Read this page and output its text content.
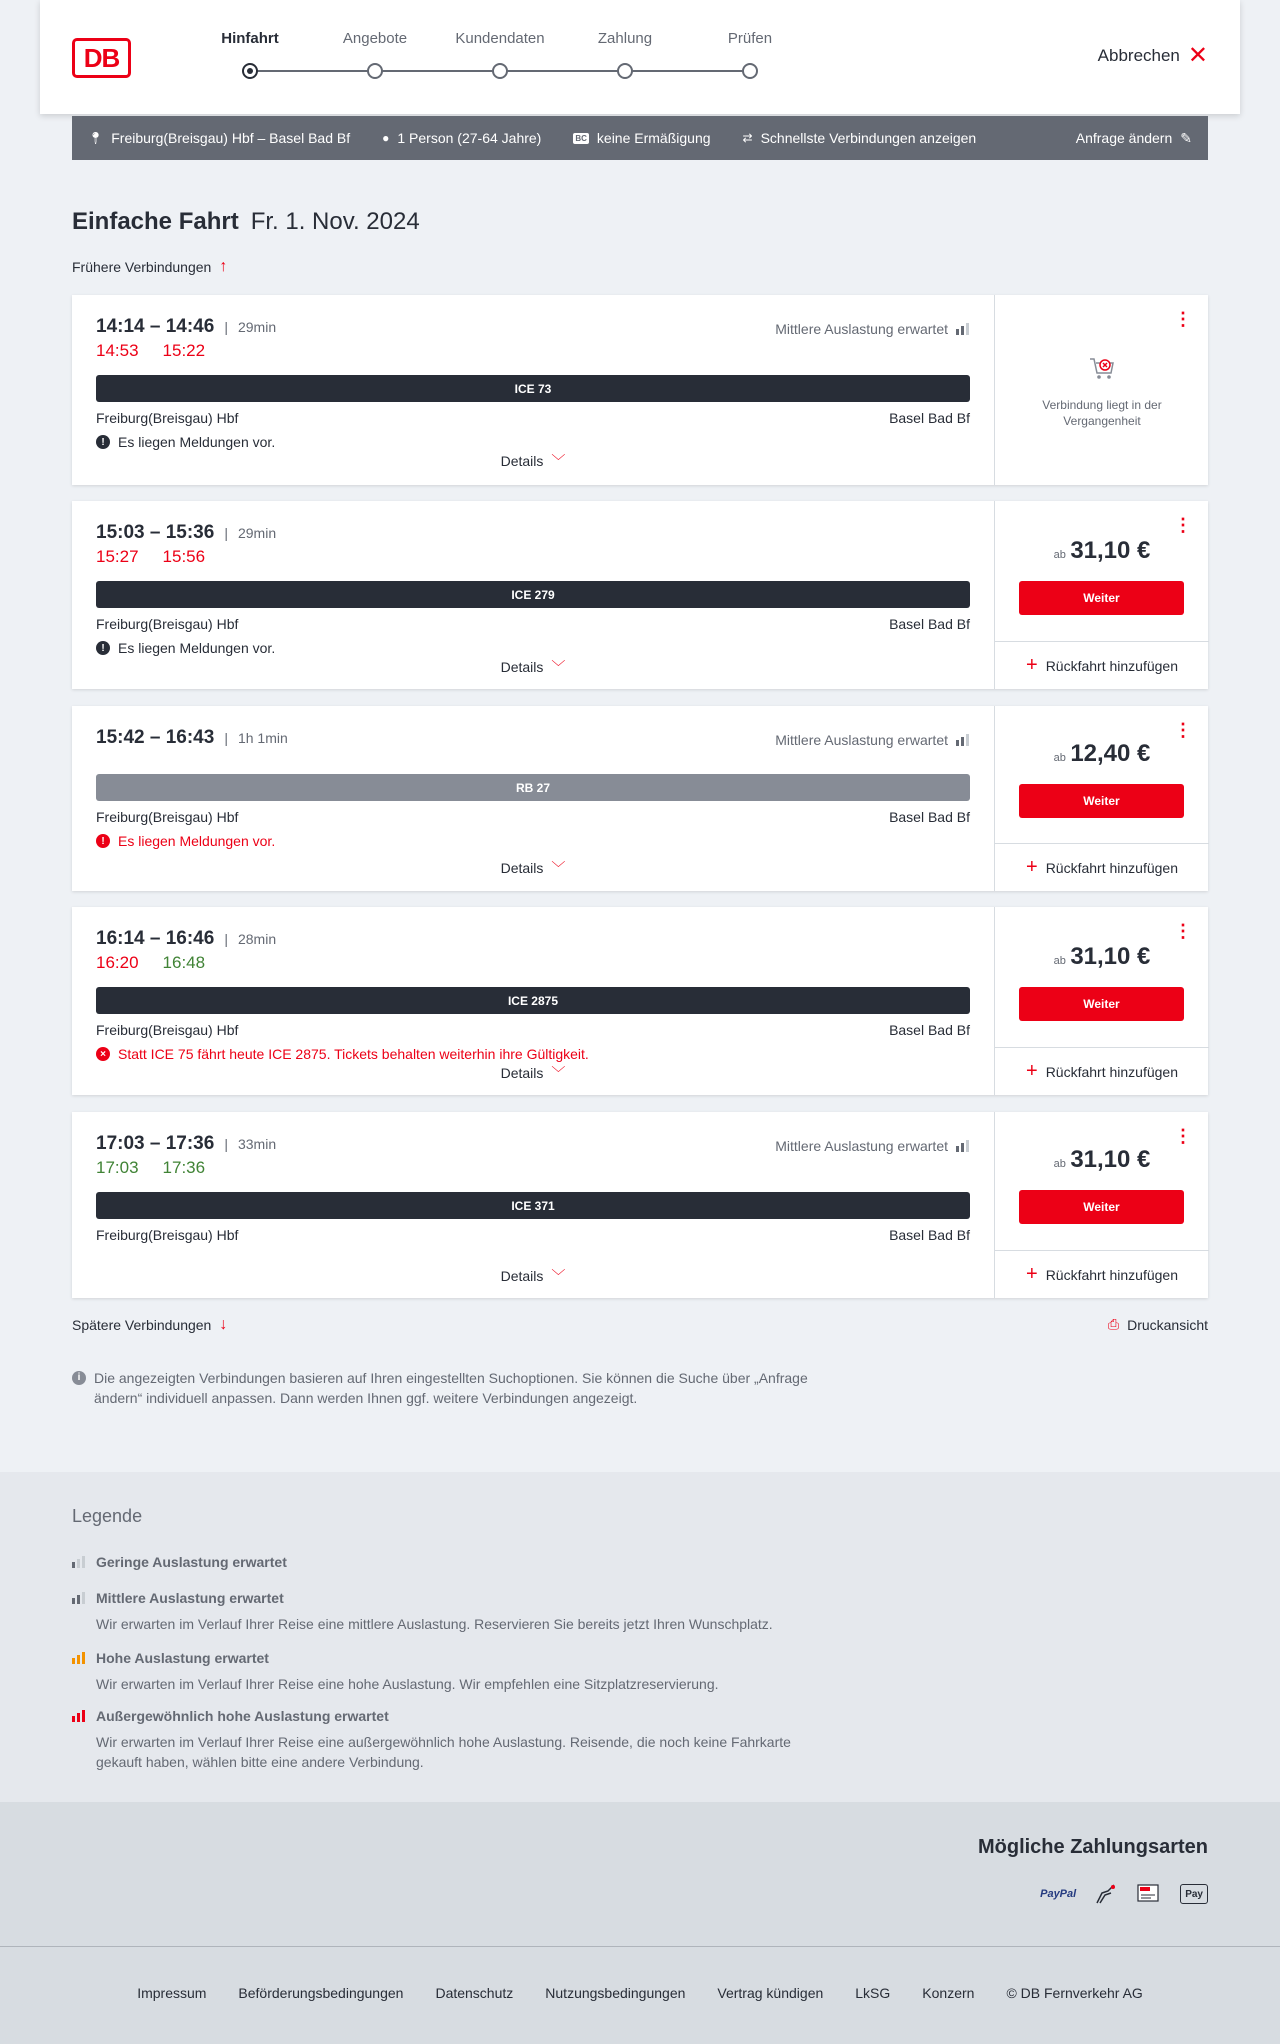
DB
Hinfahrt	Angebote	Kundendaten	Zahlung	Prüfen
Abbrechen ✕
📍︎ Freiburg(Breisgau) Hbf – Basel Bad Bf	● 1 Person (27-64 Jahre)	BC keine Ermäßigung	⇄ Schnellste Verbindungen anzeigen	Anfrage ändern ✎
Einfache Fahrt Fr. 1. Nov. 2024
Frühere Verbindungen ↑
14:14 – 14:46 | 29min	Mittlere Auslastung erwartet
14:53 15:22
ICE 73
Freiburg(Breisgau) Hbf	Basel Bad Bf
! Es liegen Meldungen vor.
Details ﹀
⋮
Verbindung liegt in der Vergangenheit
15:03 – 15:36 | 29min
15:27 15:56
ICE 279
Freiburg(Breisgau) Hbf	Basel Bad Bf
! Es liegen Meldungen vor.
Details ﹀
⋮
ab 31,10 €
Weiter
+ Rückfahrt hinzufügen
15:42 – 16:43 | 1h 1min	Mittlere Auslastung erwartet
RB 27
Freiburg(Breisgau) Hbf	Basel Bad Bf
! Es liegen Meldungen vor.
Details ﹀
⋮
ab 12,40 €
Weiter
+ Rückfahrt hinzufügen
16:14 – 16:46 | 28min
16:20 16:48
ICE 2875
Freiburg(Breisgau) Hbf	Basel Bad Bf
× Statt ICE 75 fährt heute ICE 2875. Tickets behalten weiterhin ihre Gültigkeit.
Details ﹀
⋮
ab 31,10 €
Weiter
+ Rückfahrt hinzufügen
17:03 – 17:36 | 33min	Mittlere Auslastung erwartet
17:03 17:36
ICE 371
Freiburg(Breisgau) Hbf	Basel Bad Bf
Details ﹀
⋮
ab 31,10 €
Weiter
+ Rückfahrt hinzufügen
Spätere Verbindungen ↓	⎙ Druckansicht
i Die angezeigten Verbindungen basieren auf Ihren eingestellten Suchoptionen. Sie können die Suche über „Anfrage ändern“ individuell anpassen. Dann werden Ihnen ggf. weitere Verbindungen angezeigt.
Legende
Geringe Auslastung erwartet
Mittlere Auslastung erwartet
Wir erwarten im Verlauf Ihrer Reise eine mittlere Auslastung. Reservieren Sie bereits jetzt Ihren Wunschplatz.
Hohe Auslastung erwartet
Wir erwarten im Verlauf Ihrer Reise eine hohe Auslastung. Wir empfehlen eine Sitzplatzreservierung.
Außergewöhnlich hohe Auslastung erwartet
Wir erwarten im Verlauf Ihrer Reise eine außergewöhnlich hohe Auslastung. Reisende, die noch keine Fahrkarte gekauft haben, wählen bitte eine andere Verbindung.
Mögliche Zahlungsarten
PayPal	Pay
Impressum Beförderungsbedingungen Datenschutz Nutzungsbedingungen Vertrag kündigen LkSG Konzern © DB Fernverkehr AG
